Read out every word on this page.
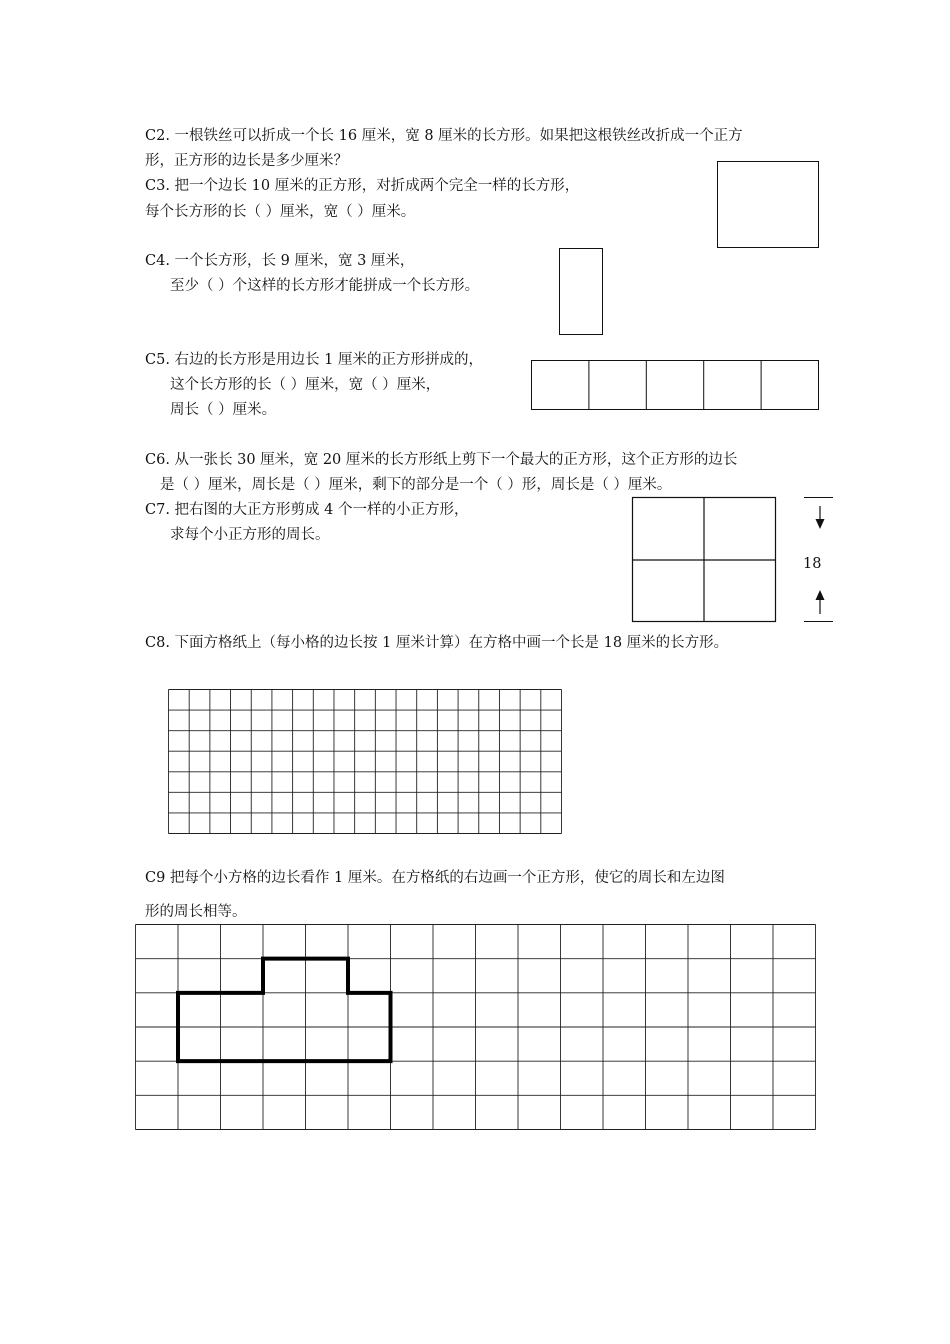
C2. 一根铁丝可以折成一个长 16 厘米，宽 8 厘米的长方形。如果把这根铁丝改折成一个正方
形，正方形的边长是多少厘米？
C3. 把一个边长 10 厘米的正方形，对折成两个完全一样的长方形，
每个长方形的长（ ）厘米，宽（ ）厘米。
C4. 一个长方形，长 9 厘米，宽 3 厘米，
至少（ ）个这样的长方形才能拼成一个长方形。
C5. 右边的长方形是用边长 1 厘米的正方形拼成的，
这个长方形的长（ ）厘米，宽（ ）厘米，
周长（ ）厘米。
C6. 从一张长 30 厘米，宽 20 厘米的长方形纸上剪下一个最大的正方形，这个正方形的边长
是（ ）厘米，周长是（ ）厘米，剩下的部分是一个（ ）形，周长是（ ）厘米。
C7. 把右图的大正方形剪成 4 个一样的小正方形，
求每个小正方形的周长。
18
C8. 下面方格纸上（每小格的边长按 1 厘米计算）在方格中画一个长是 18 厘米的长方形。
C9 把每个小方格的边长看作 1 厘米。在方格纸的右边画一个正方形，使它的周长和左边图
形的周长相等。
